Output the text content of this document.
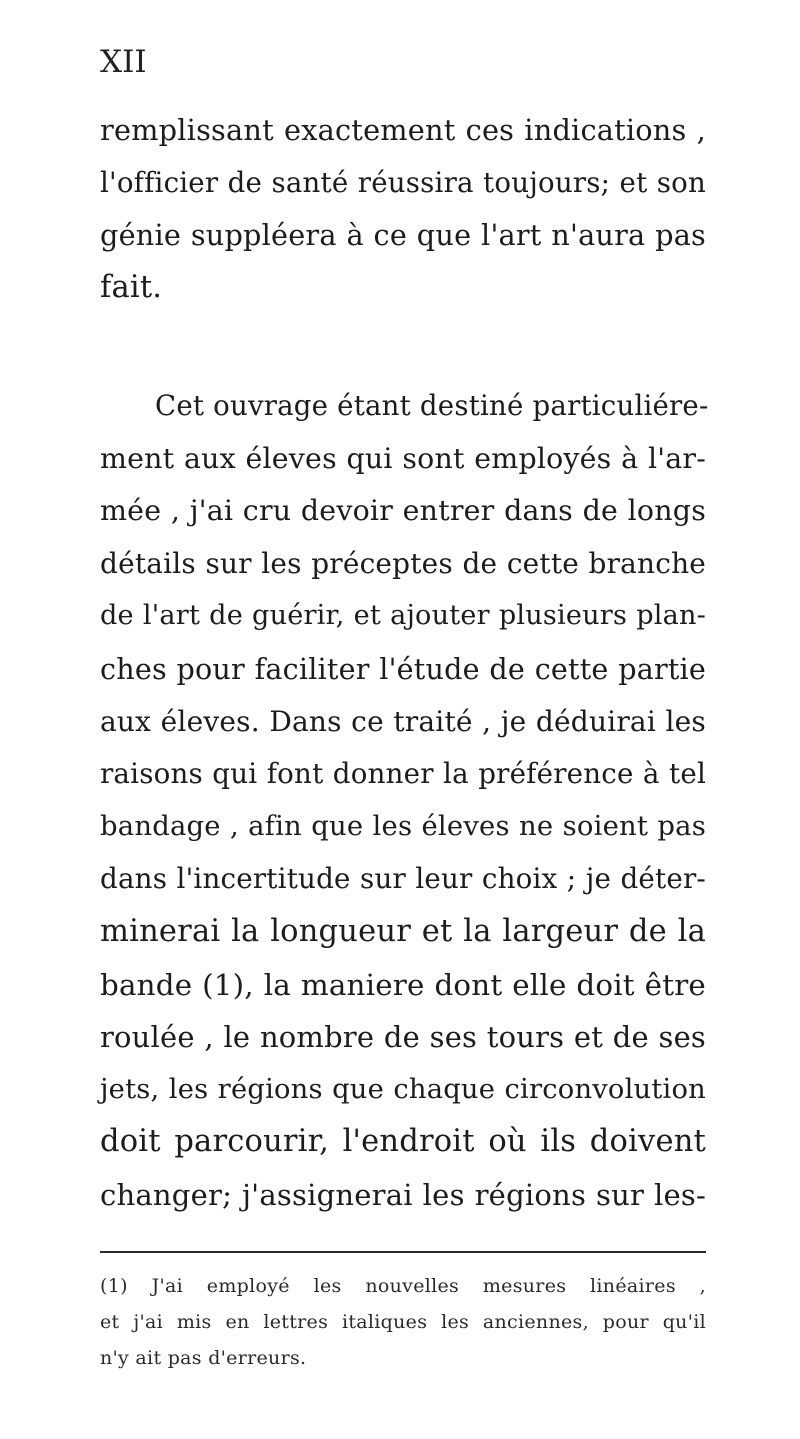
XII
remplissant exactement ces indications ,
l'officier de santé réussira toujours; et son
génie suppléera à ce que l'art n'aura pas
fait.
Cet ouvrage étant destiné particuliére-
ment aux éleves qui sont employés à l'ar-
mée , j'ai cru devoir entrer dans de longs
détails sur les préceptes de cette branche
de l'art de guérir, et ajouter plusieurs plan-
ches pour faciliter l'étude de cette partie
aux éleves. Dans ce traité , je déduirai les
raisons qui font donner la préférence à tel
bandage , afin que les éleves ne soient pas
dans l'incertitude sur leur choix ; je déter-
minerai la longueur et la largeur de la
bande (1), la maniere dont elle doit être
roulée , le nombre de ses tours et de ses
jets, les régions que chaque circonvolution
doit parcourir, l'endroit où ils doivent
changer; j'assignerai les régions sur les-
(1) J'ai employé les nouvelles mesures linéaires ,
et j'ai mis en lettres italiques les anciennes, pour qu'il
n'y ait pas d'erreurs.
